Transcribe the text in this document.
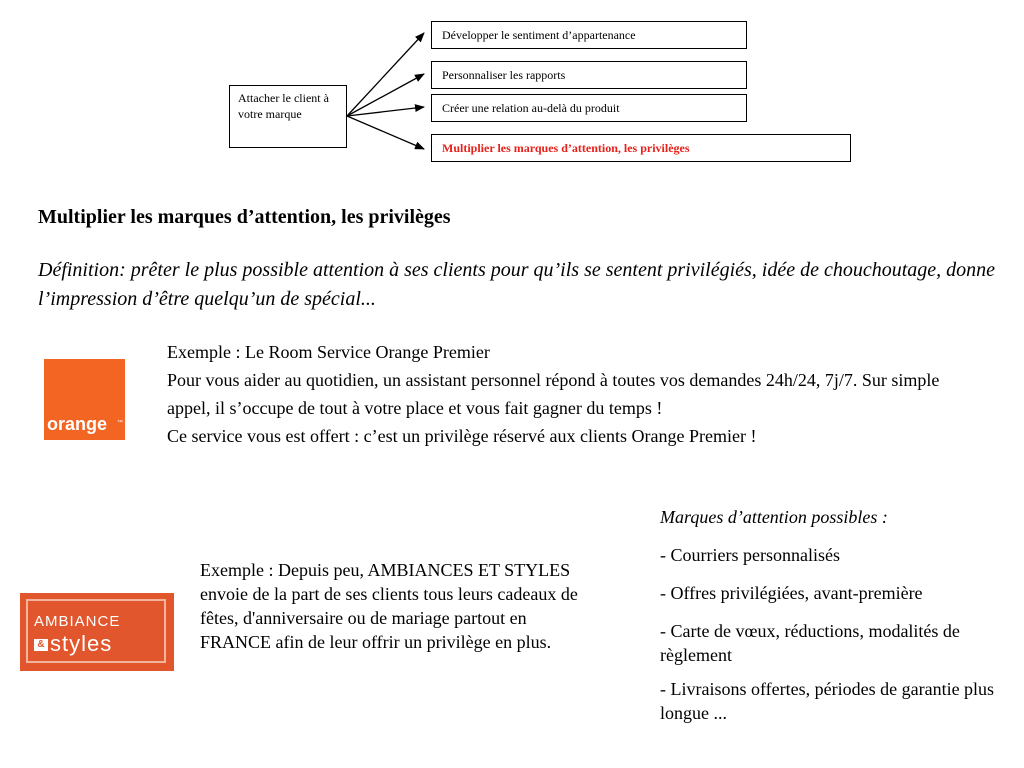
Attacher le client à votre marque
Développer le sentiment d’appartenance
Personnaliser les rapports
Créer une relation au-delà du produit
Multiplier les marques d’attention, les privilèges
Multiplier les marques d’attention, les privilèges
Définition: prêter le plus possible attention à ses clients pour qu’ils se sentent privilégiés, idée de chouchoutage, donne l’impression d’être quelqu’un de spécial...
orange ™
Exemple : Le Room Service Orange Premier
Pour vous aider au quotidien, un assistant personnel répond à toutes vos demandes 24h/24, 7j/7. Sur simple appel, il s’occupe de tout à votre place et vous fait gagner du temps !
Ce service vous est offert : c’est un privilège réservé aux clients Orange Premier !
AMBIANCE
& styles
Exemple : Depuis peu, AMBIANCES ET STYLES envoie de la part de ses clients tous leurs cadeaux de fêtes, d'anniversaire ou de mariage partout en FRANCE afin de leur offrir un privilège en plus.
Marques d’attention possibles :
- Courriers personnalisés
- Offres privilégiées, avant-première
- Carte de vœux, réductions, modalités de règlement
- Livraisons offertes, périodes de garantie plus longue ...
